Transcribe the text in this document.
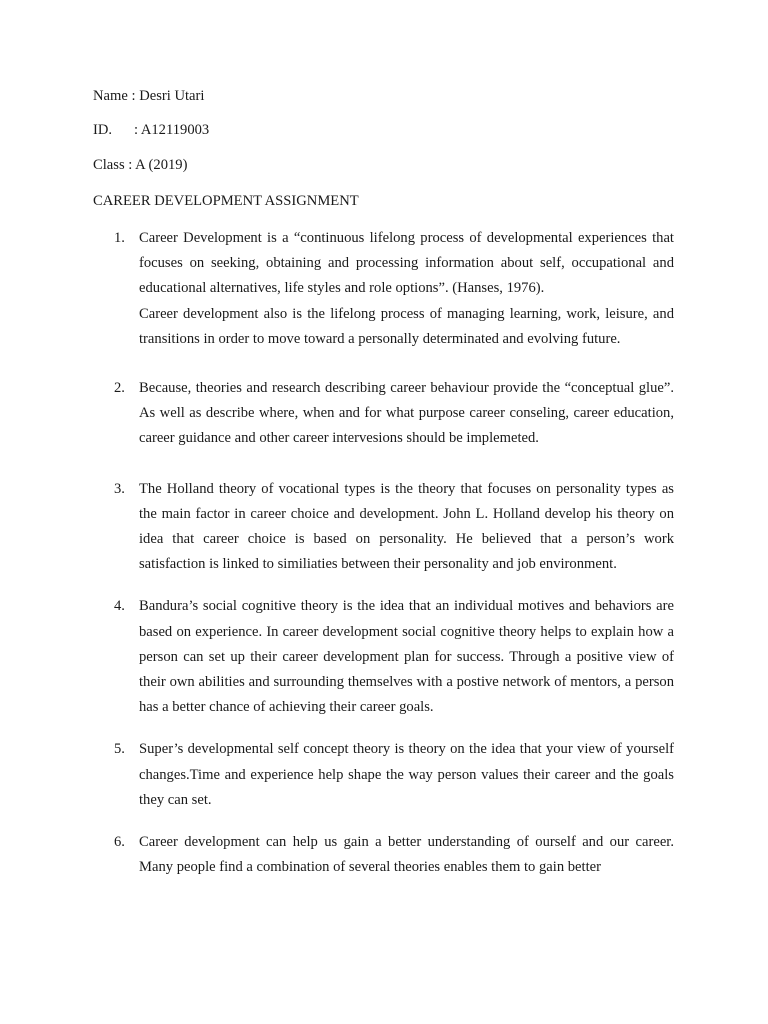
Name : Desri Utari
ID.      : A12119003
Class : A (2019)
CAREER DEVELOPMENT ASSIGNMENT
1. Career Development is a “continuous lifelong process of developmental experiences that focuses on seeking, obtaining and processing information about self, occupational and educational alternatives, life styles and role options”. (Hanses, 1976).

Career development also is the lifelong process of managing learning, work, leisure, and transitions in order to move toward a personally determinated and evolving future.

2. Because, theories and research describing career behaviour provide the “conceptual glue”. As well as describe where, when and for what purpose career conseling, career education, career guidance and other career intervesions should be implemeted.

3. The Holland theory of vocational types is the theory that focuses on personality types as the main factor in career choice and development. John L. Holland develop his theory on idea that career choice is based on personality. He believed that a person’s work satisfaction is linked to similiaties between their personality and job environment.

4. Bandura’s social cognitive theory is the idea that an individual motives and behaviors are based on experience. In career development social cognitive theory helps to explain how a person can set up their career development plan for success. Through a positive view of their own abilities and surrounding themselves with a postive network of mentors, a person has a better chance of achieving their career goals.

5. Super’s developmental self concept theory is theory on the idea that your view of yourself changes.Time and experience help shape the way person values their career and the goals they can set.

6. Career development can help us gain a better understanding of ourself and our career. Many people find a combination of several theories enables them to gain better
